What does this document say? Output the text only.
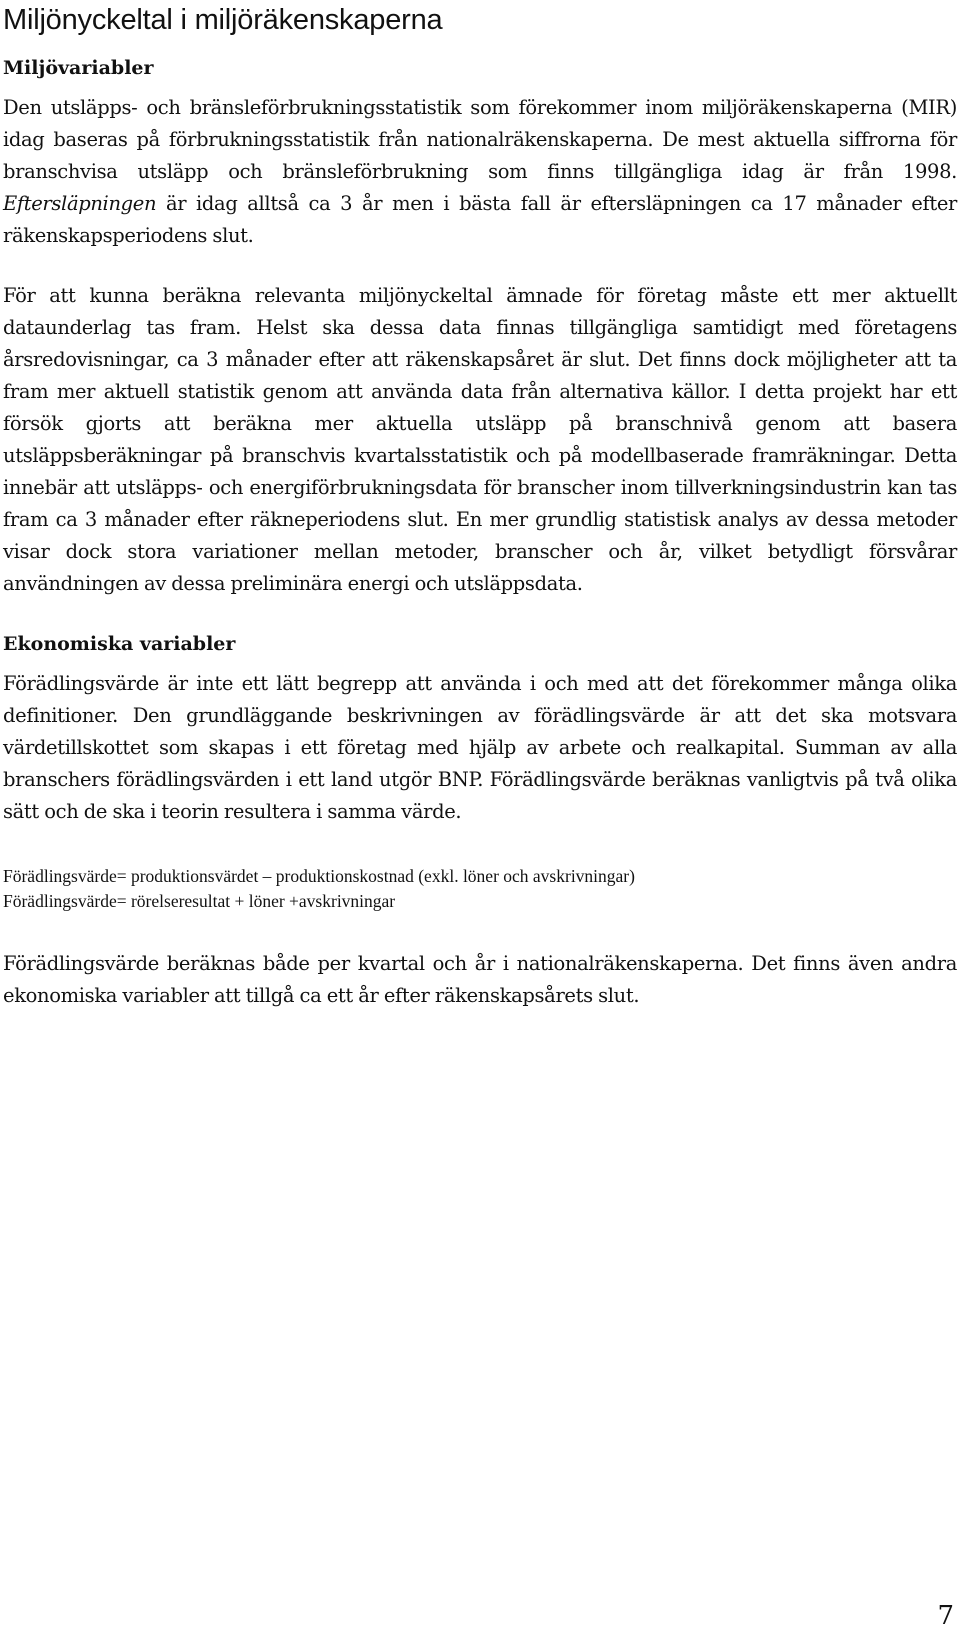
Miljönyckeltal i miljöräkenskaperna
Miljövariabler

Den utsläpps- och bränsleförbrukningsstatistik som förekommer inom miljöräkenskaperna (MIR) idag baseras på förbrukningsstatistik från nationalräkenskaperna. De mest aktuella siffrorna för branschvisa utsläpp och bränsleförbrukning som finns tillgängliga idag är från 1998. Eftersläpningen är idag alltså ca 3 år men i bästa fall är eftersläpningen ca 17 månader efter räkenskapsperiodens slut.

För att kunna beräkna relevanta miljönyckeltal ämnade för företag måste ett mer aktuellt dataunderlag tas fram. Helst ska dessa data finnas tillgängliga samtidigt med företagens årsredovisningar, ca 3 månader efter att räkenskapsåret är slut. Det finns dock möjligheter att ta fram mer aktuell statistik genom att använda data från alternativa källor. I detta projekt har ett försök gjorts att beräkna mer aktuella utsläpp på branschnivå genom att basera utsläppsberäkningar på branschvis kvartalsstatistik och på modellbaserade framräkningar. Detta innebär att utsläpps- och energiförbrukningsdata för branscher inom tillverkningsindustrin kan tas fram ca 3 månader efter räkneperiodens slut. En mer grundlig statistisk analys av dessa metoder visar dock stora variationer mellan metoder, branscher och år, vilket betydligt försvårar användningen av dessa preliminära energi och utsläppsdata.

Ekonomiska variabler

Förädlingsvärde är inte ett lätt begrepp att använda i och med att det förekommer många olika definitioner. Den grundläggande beskrivningen av förädlingsvärde är att det ska motsvara värdetillskottet som skapas i ett företag med hjälp av arbete och realkapital. Summan av alla branschers förädlingsvärden i ett land utgör BNP. Förädlingsvärde beräknas vanligtvis på två olika sätt och de ska i teorin resultera i samma värde.

Förädlingsvärde= produktionsvärdet – produktionskostnad (exkl. löner och avskrivningar)
Förädlingsvärde= rörelseresultat + löner +avskrivningar

Förädlingsvärde beräknas både per kvartal och år i nationalräkenskaperna. Det finns även andra ekonomiska variabler att tillgå ca ett år efter räkenskapsårets slut.

7
